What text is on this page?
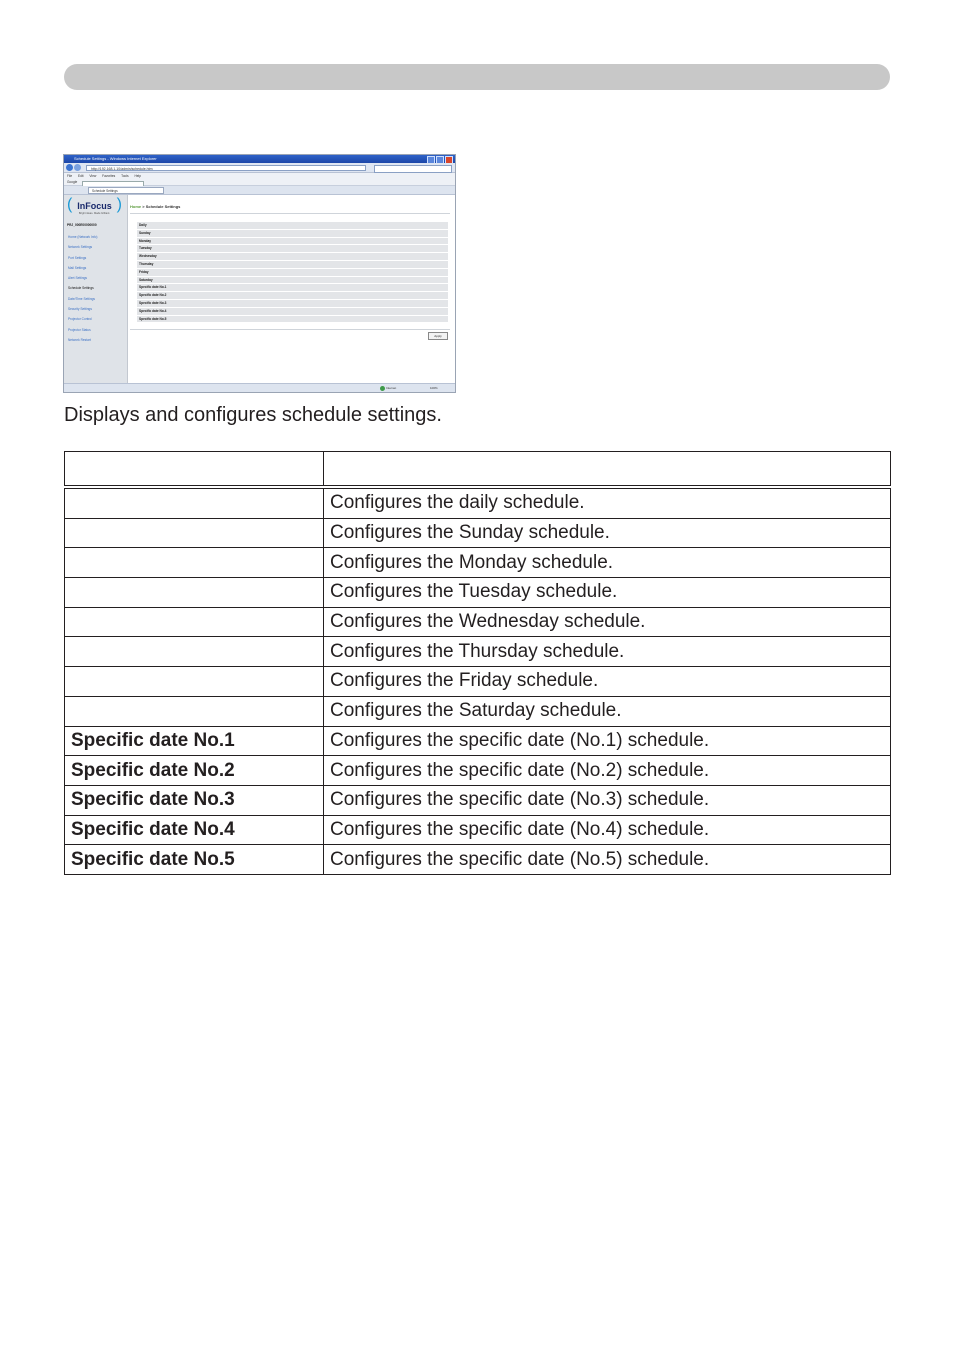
Schedule Settings - Windows Internet Explorer
http://192.168.1.10/admin/schedule.htm
File Edit View Favorites Tools Help
Google
Schedule Settings
( InFocus )
Bright ideas. Made brilliant.
PRJ_000E00000000
Home (Network Info)
Network Settings
Port Settings
Mail Settings
Alert Settings
Schedule Settings
Date/Time Settings
Security Settings
Projector Control
Projector Status
Network Restart
Home > Schedule Settings
Daily
Sunday
Monday
Tuesday
Wednesday
Thursday
Friday
Saturday
Specific date No.1
Specific date No.2
Specific date No.3
Specific date No.4
Specific date No.5
Apply
Internet	100%
Displays and configures schedule settings.

	Configures the daily schedule.
	Configures the Sunday schedule.
	Configures the Monday schedule.
	Configures the Tuesday schedule.
	Configures the Wednesday schedule.
	Configures the Thursday schedule.
	Configures the Friday schedule.
	Configures the Saturday schedule.
Specific date No.1	Configures the specific date (No.1) schedule.
Specific date No.2	Configures the specific date (No.2) schedule.
Specific date No.3	Configures the specific date (No.3) schedule.
Specific date No.4	Configures the specific date (No.4) schedule.
Specific date No.5	Configures the specific date (No.5) schedule.
